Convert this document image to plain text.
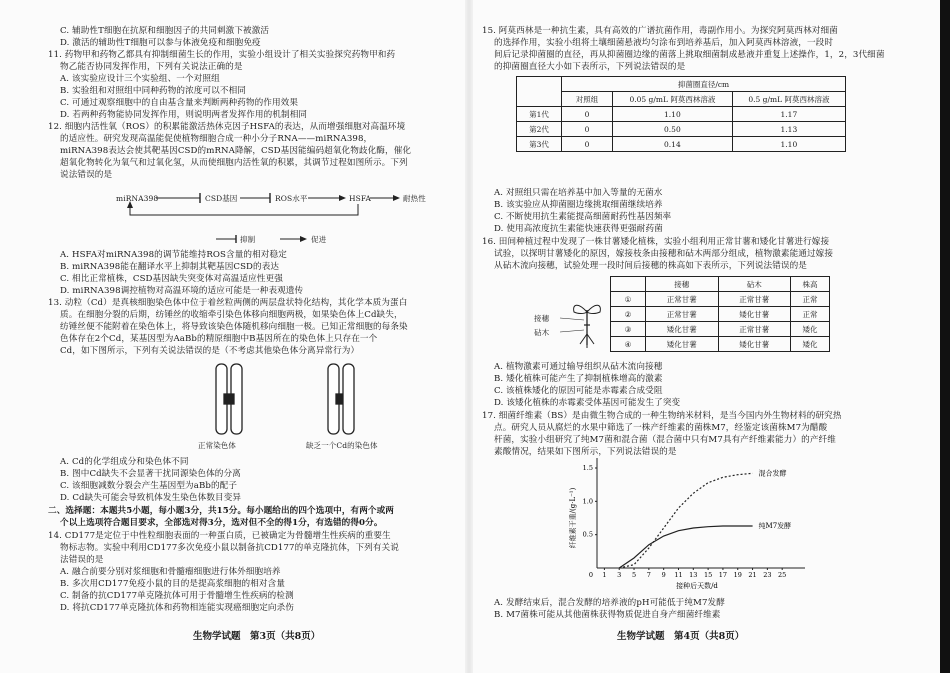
C. 辅助性T细胞在抗原和细胞因子的共同刺激下被激活
D. 激活的辅助性T细胞可以参与体液免疫和细胞免疫
11. 药物甲和药物乙都具有抑制细菌生长的作用，实验小组设计了相关实验探究药物甲和药
物乙能否协同发挥作用，下列有关说法正确的是
A. 该实验应设计三个实验组、一个对照组
B. 实验组和对照组中同种药物的浓度可以不相同
C. 可通过观察细胞中的自由基含量来判断两种药物的作用效果
D. 若两种药物能协同发挥作用，则说明两者发挥作用的机制相同
12. 细胞内活性氧（ROS）的积累能激活热休克因子HSFA的表达，从而增强细胞对高温环境
的适应性。研究发现高温能促使植物细胞合成一种小分子RNA——miRNA398，
miRNA398表达会使其靶基因CSD的mRNA降解，CSD基因能编码超氧化物歧化酶，催化
超氧化物转化为氧气和过氧化氢，从而使细胞内活性氧的积累，其调节过程如图所示。下列
说法错误的是
miRNA398	CSD基因	ROS水平	HSFA	耐热性
抑制	促进
A. HSFA对miRNA398的调节能维持ROS含量的相对稳定
B. miRNA398能在翻译水平上抑制其靶基因CSD的表达
C. 相比正常植株，CSD基因缺失突变体对高温适应性更强
D. miRNA398调控植物对高温环境的适应可能是一种表观遗传
13. 动粒（Cd）是真核细胞染色体中位于着丝粒两侧的两层盘状特化结构，其化学本质为蛋白
质。在细胞分裂的后期，纺锤丝的收缩牵引染色体移向细胞两极，如果染色体上Cd缺失，
纺锤丝便不能附着在染色体上，将导致该染色体随机移向细胞一极。已知正常细胞的每条染
色体存在2个Cd，某基因型为AaBb的精原细胞中B基因所在的染色体上只存在一个
Cd，如下图所示，下列有关说法错误的是（不考虑其他染色体分离异常行为）
正常染色体	缺乏一个Cd的染色体
A. Cd的化学组成分和染色体不同
B. 图中Cd缺失不会显著干扰同源染色体的分离
C. 该细胞减数分裂会产生基因型为aBb的配子
D. Cd缺失可能会导致机体发生染色体数目变异
二、选择题：本题共5小题，每小题3分，共15分。每小题给出的四个选项中，有两个或两
个以上选项符合题目要求，全部选对得3分，选对但不全的得1分，有选错的得0分。
14. CD177是定位于中性粒细胞表面的一种蛋白质，已被确定为骨髓增生性疾病的重要生
物标志物。实验中利用CD177多次免疫小鼠以制备抗CD177的单克隆抗体，下列有关说
法错误的是
A. 融合前要分别对浆细胞和骨髓瘤细胞进行体外细胞培养
B. 多次用CD177免疫小鼠的目的是提高浆细胞的相对含量
C. 制备的抗CD177单克隆抗体可用于骨髓增生性疾病的检测
D. 将抗CD177单克隆抗体和药物相连能实现癌细胞定向杀伤
生物学试题　第3页（共8页）
15. 阿莫西林是一种抗生素，具有高效的广谱抗菌作用，毒副作用小。为探究阿莫西林对细菌
的选择作用，实验小组将土壤细菌悬液均匀涂布到培养基后，加入阿莫西林溶液，一段时
间后记录抑菌圈的直径，再从抑菌圈边缘的菌落上挑取细菌制成悬液并重复上述操作，1，2，3代细菌
的抑菌圈直径大小如下表所示，下列说法错误的是
	抑菌圈直径/cm		
	对照组	0.05 g/mL 阿莫西林溶液	0.5 g/mL 阿莫西林溶液
第1代	0	1.10	1.17
第2代	0	0.50	1.13
第3代	0	0.14	1.10
A. 对照组只需在培养基中加入等量的无菌水
B. 该实验应从抑菌圈边缘挑取细菌继续培养
C. 不断使用抗生素能提高细菌耐药性基因频率
D. 使用高浓度抗生素能快速获得更强耐药菌
16. 田间种植过程中发现了一株甘薯矮化植株，实验小组利用正常甘薯和矮化甘薯进行嫁接
试验，以探明甘薯矮化的原因，嫁接枝条由接穗和砧木两部分组成，植物激素能通过嫁接
从砧木流向接穗，试验处理一段时间后接穗的株高如下表所示，下列说法错误的是
接穗
砧木
	接穗	砧木	株高
①	正常甘薯	正常甘薯	正常
②	正常甘薯	矮化甘薯	正常
③	矮化甘薯	正常甘薯	矮化
④	矮化甘薯	矮化甘薯	矮化
A. 植物激素可通过输导组织从砧木流向接穗
B. 矮化植株可能产生了抑制植株增高的激素
C. 该植株矮化的原因可能是赤霉素合成受阻
D. 该矮化植株的赤霉素受体基因可能发生了突变
17. 细菌纤维素（BS）是由微生物合成的一种生物纳米材料，是当今国内外生物材料的研究热
点。研究人员从腐烂的水果中筛选了一株产纤维素的菌株M7，经鉴定该菌株M7为醋酸
杆菌，实验小组研究了纯M7菌和混合菌（混合菌中只有M7具有产纤维素能力）的产纤维
素酸情况，结果如下图所示，下列说法错误的是
0 1 3 5 7 9 11 13 15 17 19 21 23 25
0.5
1.0
1.5
接种后天数/d
纤维素干重/(g·L⁻¹)
混合发酵
纯M7发酵
A. 发酵结束后，混合发酵的培养液的pH可能低于纯M7发酵
B. M7菌株可能从其他菌株获得物质促进自身产细菌纤维素
生物学试题　第4页（共8页）
